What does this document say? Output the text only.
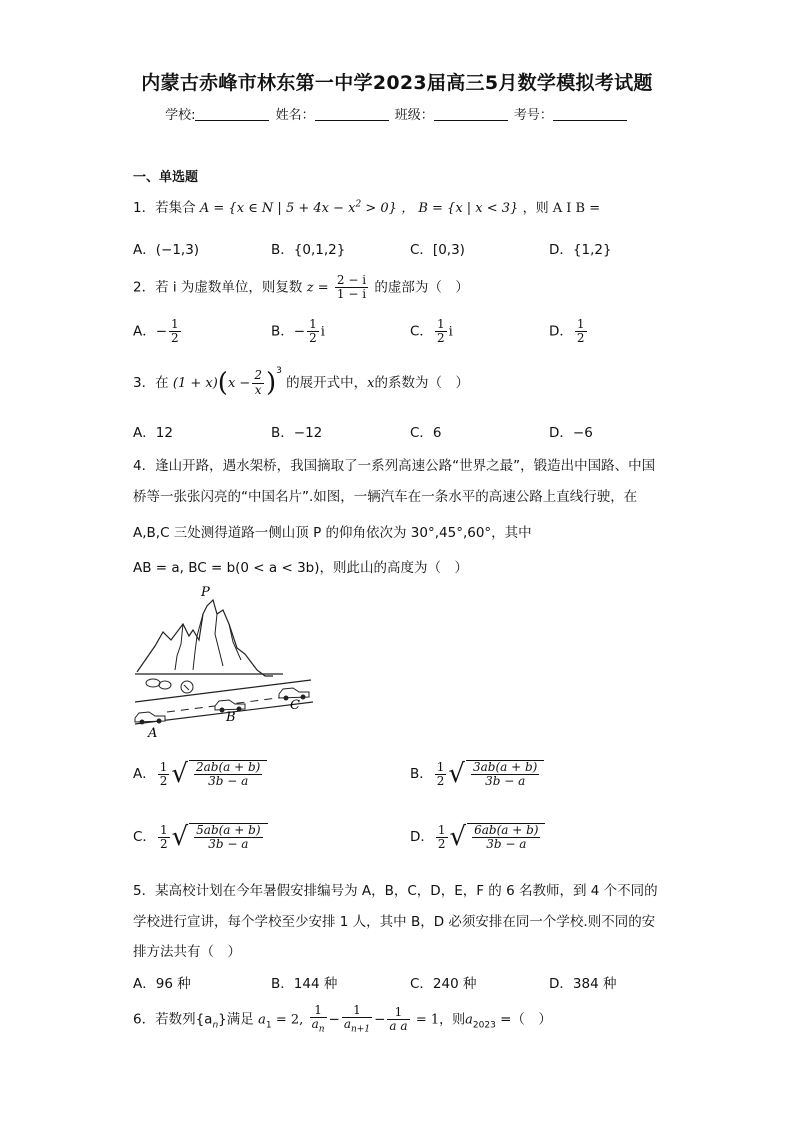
内蒙古赤峰市林东第一中学2023届高三5月数学模拟考试题
学校:	姓名：	班级：	考号：
一、单选题
1．若集合 A = {x ∈ N | $5 + 4x - x^2 > 0$} ， B = {x | x < 3} ，则 A I B =
A．(−1,3)	B．{0,1,2}	C．[0,3)	D．{1,2}
2．若 i 为虚数单位，则复数 $z = \frac{2 - i}{1 - i}$ 的虚部为（　）
A．− $\frac{1}{2}$	B．− $\frac{1}{2}$ i	C． $\frac{1}{2}$ i	D． $\frac{1}{2}$
3．在 $(1 + x)(x - \frac{2}{x} )^3$ 的展开式中，x的系数为（　）
A．12	B．−12	C．6	D．−6
4．逢山开路，遇水架桥，我国摘取了一系列高速公路“世界之最”，锻造出中国路、中国
桥等一张张闪亮的“中国名片”.如图，一辆汽车在一条水平的高速公路上直线行驶，在
A,B,C 三处测得道路一侧山顶 P 的仰角依次为 30°,45°,60°，其中
AB = a, BC = b(0 < a < 3b)，则此山的高度为（　）
P
A
B
C
A． $\frac{1}{2}$ √ $\frac{2ab(a + b)}{3b - a}$	B． $\frac{1}{2}$ √ $\frac{3ab(a + b)}{3b - a}$
C． $\frac{1}{2}$ √ $\frac{5ab(a + b)}{3b - a}$	D． $\frac{1}{2}$ √ $\frac{6ab(a + b)}{3b - a}$
5．某高校计划在今年暑假安排编号为 A，B，C，D，E，F 的 6 名教师，到 4 个不同的
学校进行宣讲，每个学校至少安排 1 人，其中 B，D 必须安排在同一个学校.则不同的安
排方法共有（　）
A．96 种	B．144 种	C．240 种	D．384 种
6．若数列$\{a_n\}$满足 $a_1 = 2$, $\frac{1}{a_n} - \frac{1}{a_{n+1}} - \frac{1}{\text{a a}} = 1$，则$a_{2023}$ =（　）
